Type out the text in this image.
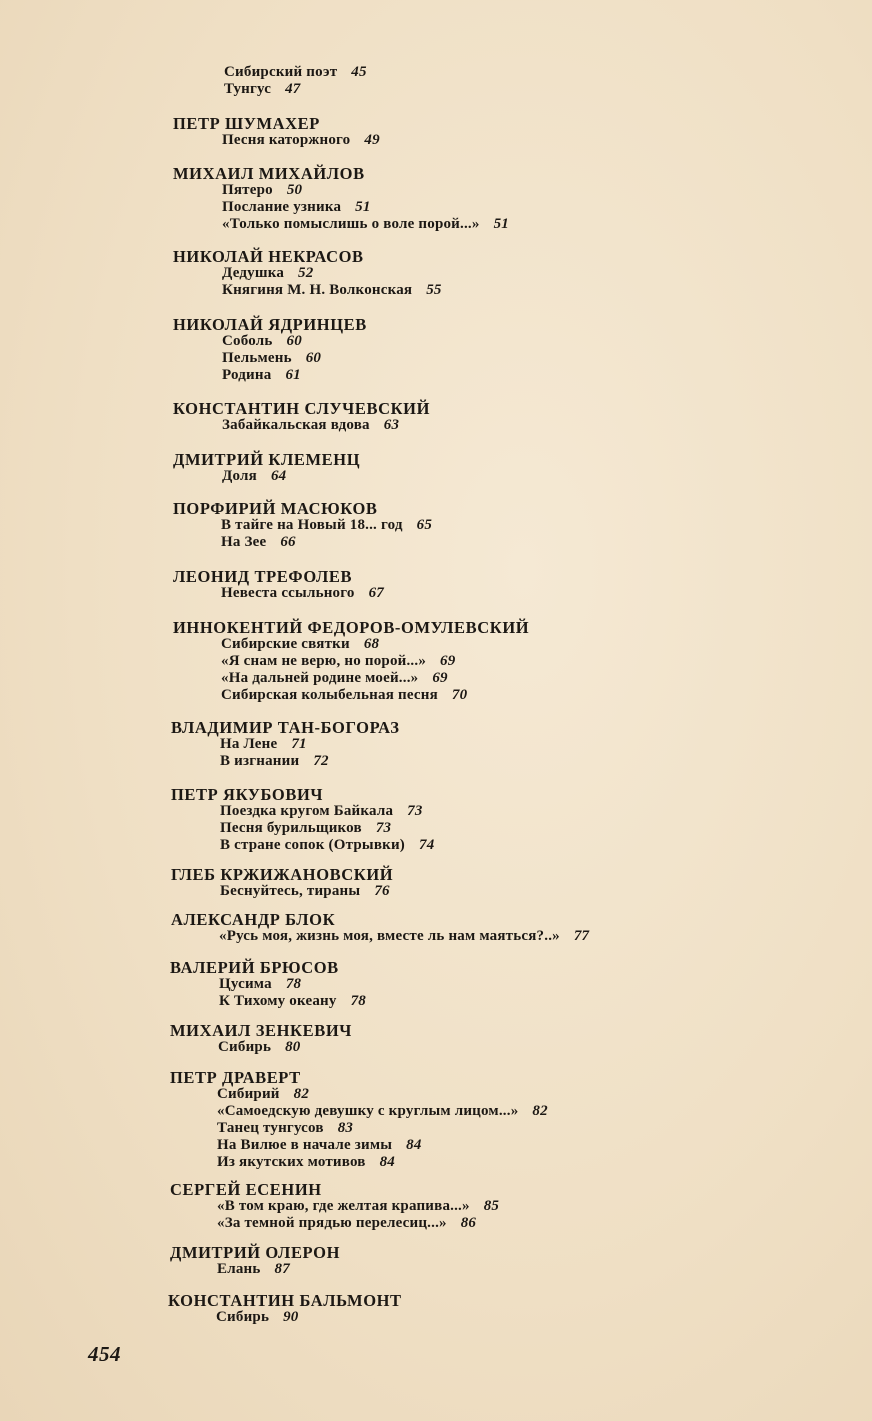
Сибирский поэт 45
Тунгус 47
ПЕТР ШУМАХЕР
Песня каторжного 49
МИХАИЛ МИХАЙЛОВ
Пятеро 50
Послание узника 51
«Только помыслишь о воле порой...» 51
НИКОЛАЙ НЕКРАСОВ
Дедушка 52
Княгиня М. Н. Волконская 55
НИКОЛАЙ ЯДРИНЦЕВ
Соболь 60
Пельмень 60
Родина 61
КОНСТАНТИН СЛУЧЕВСКИЙ
Забайкальская вдова 63
ДМИТРИЙ КЛЕМЕНЦ
Доля 64
ПОРФИРИЙ МАСЮКОВ
В тайге на Новый 18... год 65
На Зее 66
ЛЕОНИД ТРЕФОЛЕВ
Невеста ссыльного 67
ИННОКЕНТИЙ ФЕДОРОВ-ОМУЛЕВСКИЙ
Сибирские святки 68
«Я снам не верю, но порой...» 69
«На дальней родине моей...» 69
Сибирская колыбельная песня 70
ВЛАДИМИР ТАН-БОГОРАЗ
На Лене 71
В изгнании 72
ПЕТР ЯКУБОВИЧ
Поездка кругом Байкала 73
Песня бурильщиков 73
В стране сопок (Отрывки) 74
ГЛЕБ КРЖИЖАНОВСКИЙ
Беснуйтесь, тираны 76
АЛЕКСАНДР БЛОК
«Русь моя, жизнь моя, вместе ль нам маяться?..» 77
ВАЛЕРИЙ БРЮСОВ
Цусима 78
К Тихому океану 78
МИХАИЛ ЗЕНКЕВИЧ
Сибирь 80
ПЕТР ДРАВЕРТ
Сибирий 82
«Самоедскую девушку с круглым лицом...» 82
Танец тунгусов 83
На Вилюе в начале зимы 84
Из якутских мотивов 84
СЕРГЕЙ ЕСЕНИН
«В том краю, где желтая крапива...» 85
«За темной прядью перелесиц...» 86
ДМИТРИЙ ОЛЕРОН
Елань 87
КОНСТАНТИН БАЛЬМОНТ
Сибирь 90
454
